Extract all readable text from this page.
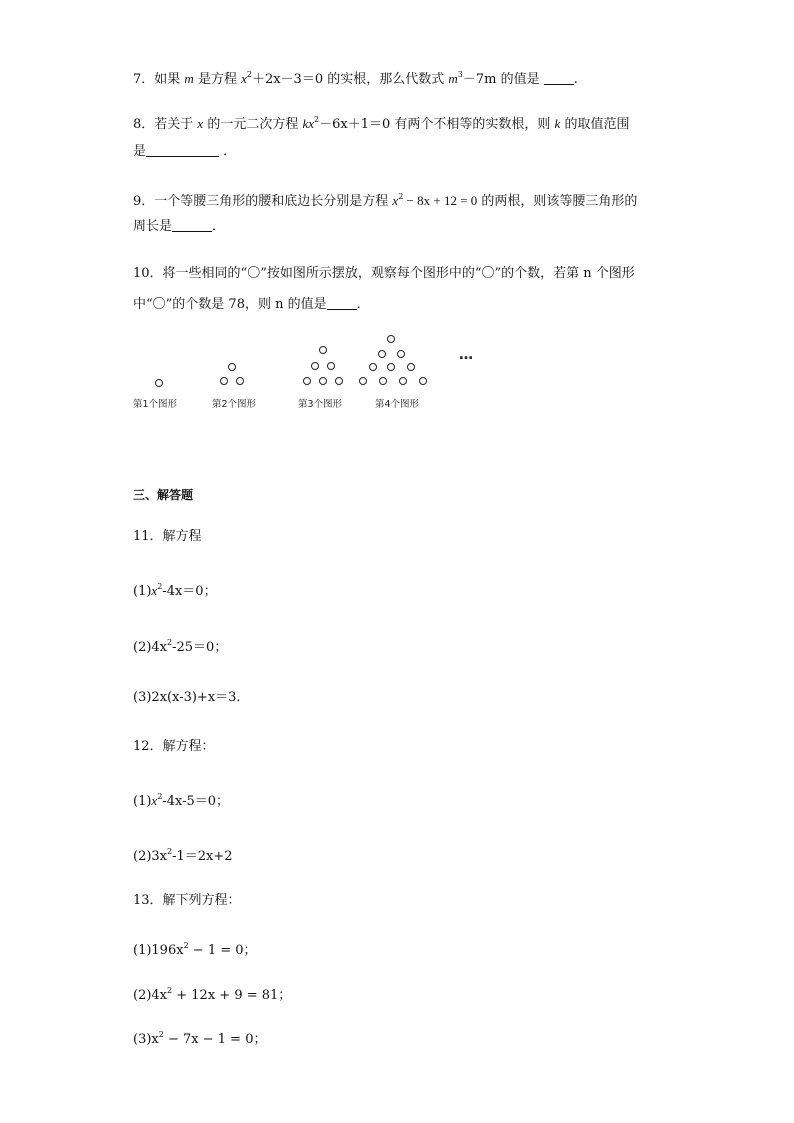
7．如果 m 是方程 $x^2+2x-3=0$ 的实根，那么代数式 $m^3-7m$ 的值是 .
8．若关于 x 的一元二次方程 $kx^2-6x+1=0$ 有两个不相等的实数根，则 k 的取值范围
是	．
9．一个等腰三角形的腰和底边长分别是方程 $x^2 - 8x + 12 = 0$ 的两根，则该等腰三角形的
周长是	．
10．将一些相同的“〇”按如图所示摆放，观察每个图形中的“〇”的个数，若第 n 个图形
中“〇”的个数是 78，则 n 的值是 ．
…
第1个图形	第2个图形	第3个图形	第4个图形
三、解答题
11．解方程
$(1)x^2-4x=0$；
$(2)4x^2-25=0$；
(3)2x(x-3)+x＝3．
12．解方程：
$(1)x^2-4x-5=0$；
$(2)3x^2-1=2x+2$
13．解下列方程：
$(1)196x^2 - 1 = 0$；
$(2)4x^2 + 12x + 9 = 81$；
$(3)x^2 - 7x - 1 = 0$；
